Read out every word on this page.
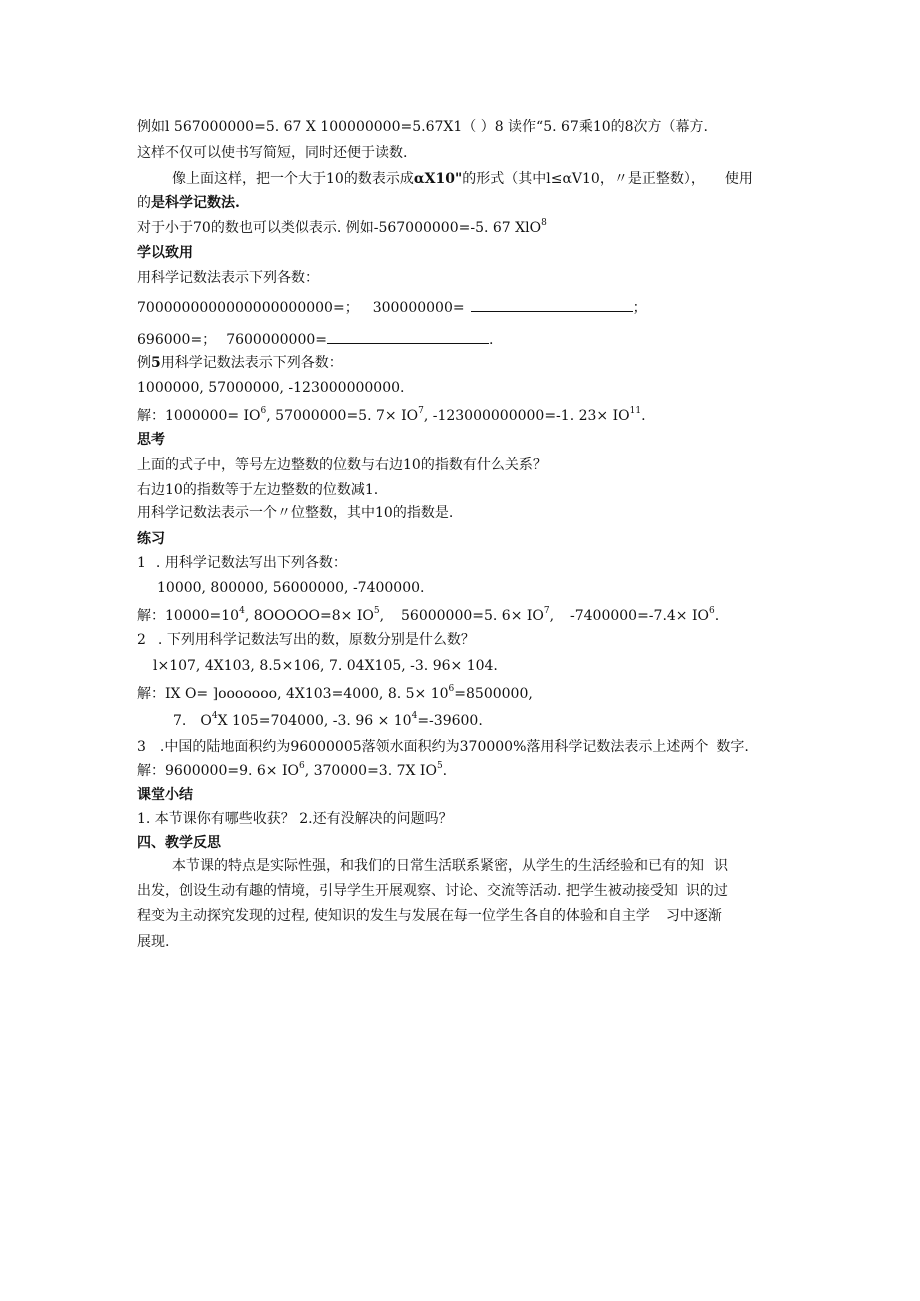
例如l 567000000=5. 67 X 100000000=5.67X1（ ）8 读作“5. 67乘10的8次方（幕方.
这样不仅可以使书写简短，同时还便于读数.
像上面这样，把一个大于10的数表示成αX10"的形式（其中l≤αV10，〃是正整数）， 使用
的是科学记数法.
对于小于70的数也可以类似表示. 例如-567000000=-5. 67 XlO$^8$
学以致用
用科学记数法表示下列各数：
7000000000000000000000=； 300000000=	；
696000=； 7600000000=	.
例5用科学记数法表示下列各数：
1000000, 57000000, -123000000000.
解：$1000000= IO^6$, 57000000=5. $7\times IO^7$, -123000000000=-1. $23\times IO^{11}$.
思考
上面的式子中，等号左边整数的位数与右边10的指数有什么关系？
右边10的指数等于左边整数的位数减1.
用科学记数法表示一个〃位整数，其中10的指数是.
练习
1 . 用科学记数法写出下列各数：
10000, 800000, 56000000, -7400000.
解：$10000=10^4$, 8OOOOO=8× $IO^5$, 56000000=5. $6\times IO^7$, $-7400000=-7.4\times IO^6$.
2 . 下列用科学记数法写出的数，原数分别是什么数？
l×107, 4X103, 8.5×106, 7. 04X105, -3. 96× 104.
解：IX O= ]ooooooo, 4X103=4000, 8. $5\times 10^6=8500000$,
7. $O^4X$ 105=704000, -3. $96 \times 10^4=-39600$.
3 .中国的陆地面积约为96000005落领水面积约为370000%落用科学记数法表示上述两个 数字.
解：9600000=9. $6\times IO^6$, 370000=3. 7X $IO^5$.
课堂小结
1. 本节课你有哪些收获？ 2.还有没解决的问题吗？
四、教学反思
本节课的特点是实际性强，和我们的日常生活联系紧密，从学生的生活经验和已有的知 识
出发，创设生动有趣的情境，引导学生开展观察、讨论、交流等活动. 把学生被动接受知 识的过
程变为主动探究发现的过程, 使知识的发生与发展在每一位学生各自的体验和自主学 习中逐渐
展现.
